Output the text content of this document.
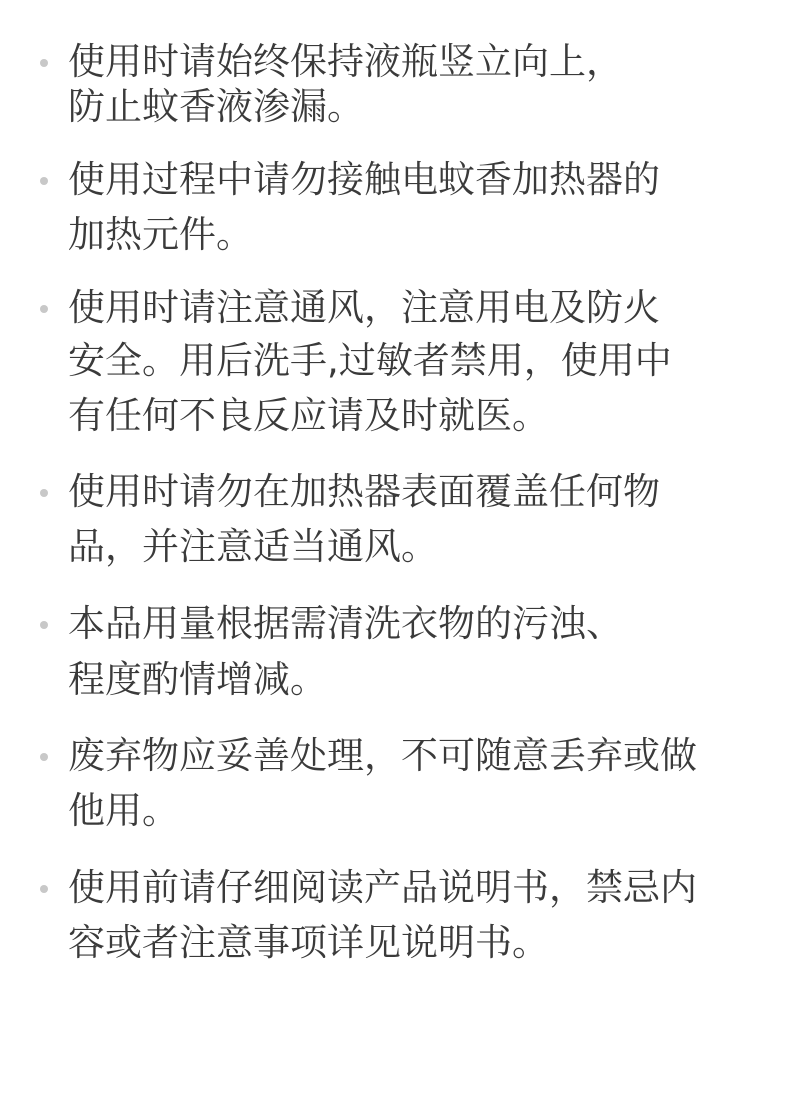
使用时请始终保持液瓶竖立向上，
防止蚊香液渗漏。
使用过程中请勿接触电蚊香加热器的
加热元件。
使用时请注意通风，注意用电及防火
安全。用后洗手,过敏者禁用，使用中
有任何不良反应请及时就医。
使用时请勿在加热器表面覆盖任何物
品，并注意适当通风。
本品用量根据需清洗衣物的污浊、
程度酌情增减。
废弃物应妥善处理，不可随意丢弃或做
他用。
使用前请仔细阅读产品说明书，禁忌内
容或者注意事项详见说明书。
